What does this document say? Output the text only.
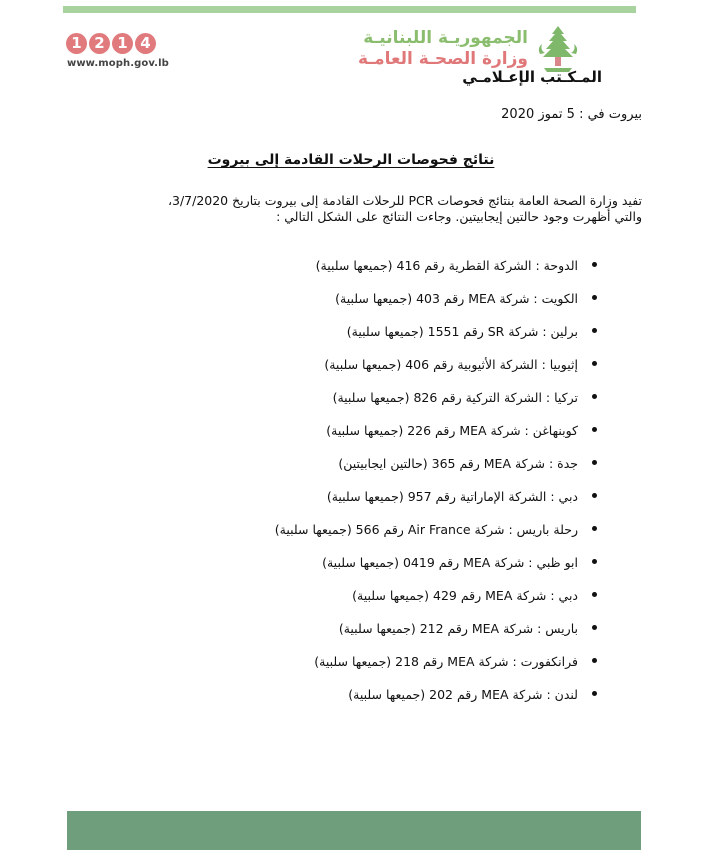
1 2 1 4
www.moph.gov.lb
الجمهوريـة اللبنانيـة
وزارة الصحـة العامـة
المـكـتب الإعـلامـي
بيروت في : 5 تموز 2020
نتائج فحوصات الرحلات القادمة إلى بيروت

تفيد وزارة الصحة العامة بنتائج فحوصات PCR للرحلات القادمة إلى بيروت بتاريخ 3/7/2020،

والتي أظهرت وجود حالتين إيجابيتين. وجاءت النتائج على الشكل التالي :

الدوحة : الشركة القطرية رقم 416 (جميعها سلبية)
الكويت : شركة MEA رقم 403 (جميعها سلبية)
برلين : شركة SR رقم 1551 (جميعها سلبية)
إثيوبيا : الشركة الأثيوبية رقم 406 (جميعها سلبية)
تركيا : الشركة التركية رقم 826 (جميعها سلبية)
كوبنهاغن : شركة MEA رقم 226 (جميعها سلبية)
جدة : شركة MEA رقم 365 (حالتين ايجابيتين)
دبي : الشركة الإماراتية رقم 957 (جميعها سلبية)
رحلة باريس : شركة Air France رقم 566 (جميعها سلبية)
ابو ظبي : شركة MEA رقم 0419 (جميعها سلبية)
دبي : شركة MEA رقم 429 (جميعها سلبية)
باريس : شركة MEA رقم 212 (جميعها سلبية)
فرانكفورت : شركة MEA رقم 218 (جميعها سلبية)
لندن : شركة MEA رقم 202 (جميعها سلبية)
